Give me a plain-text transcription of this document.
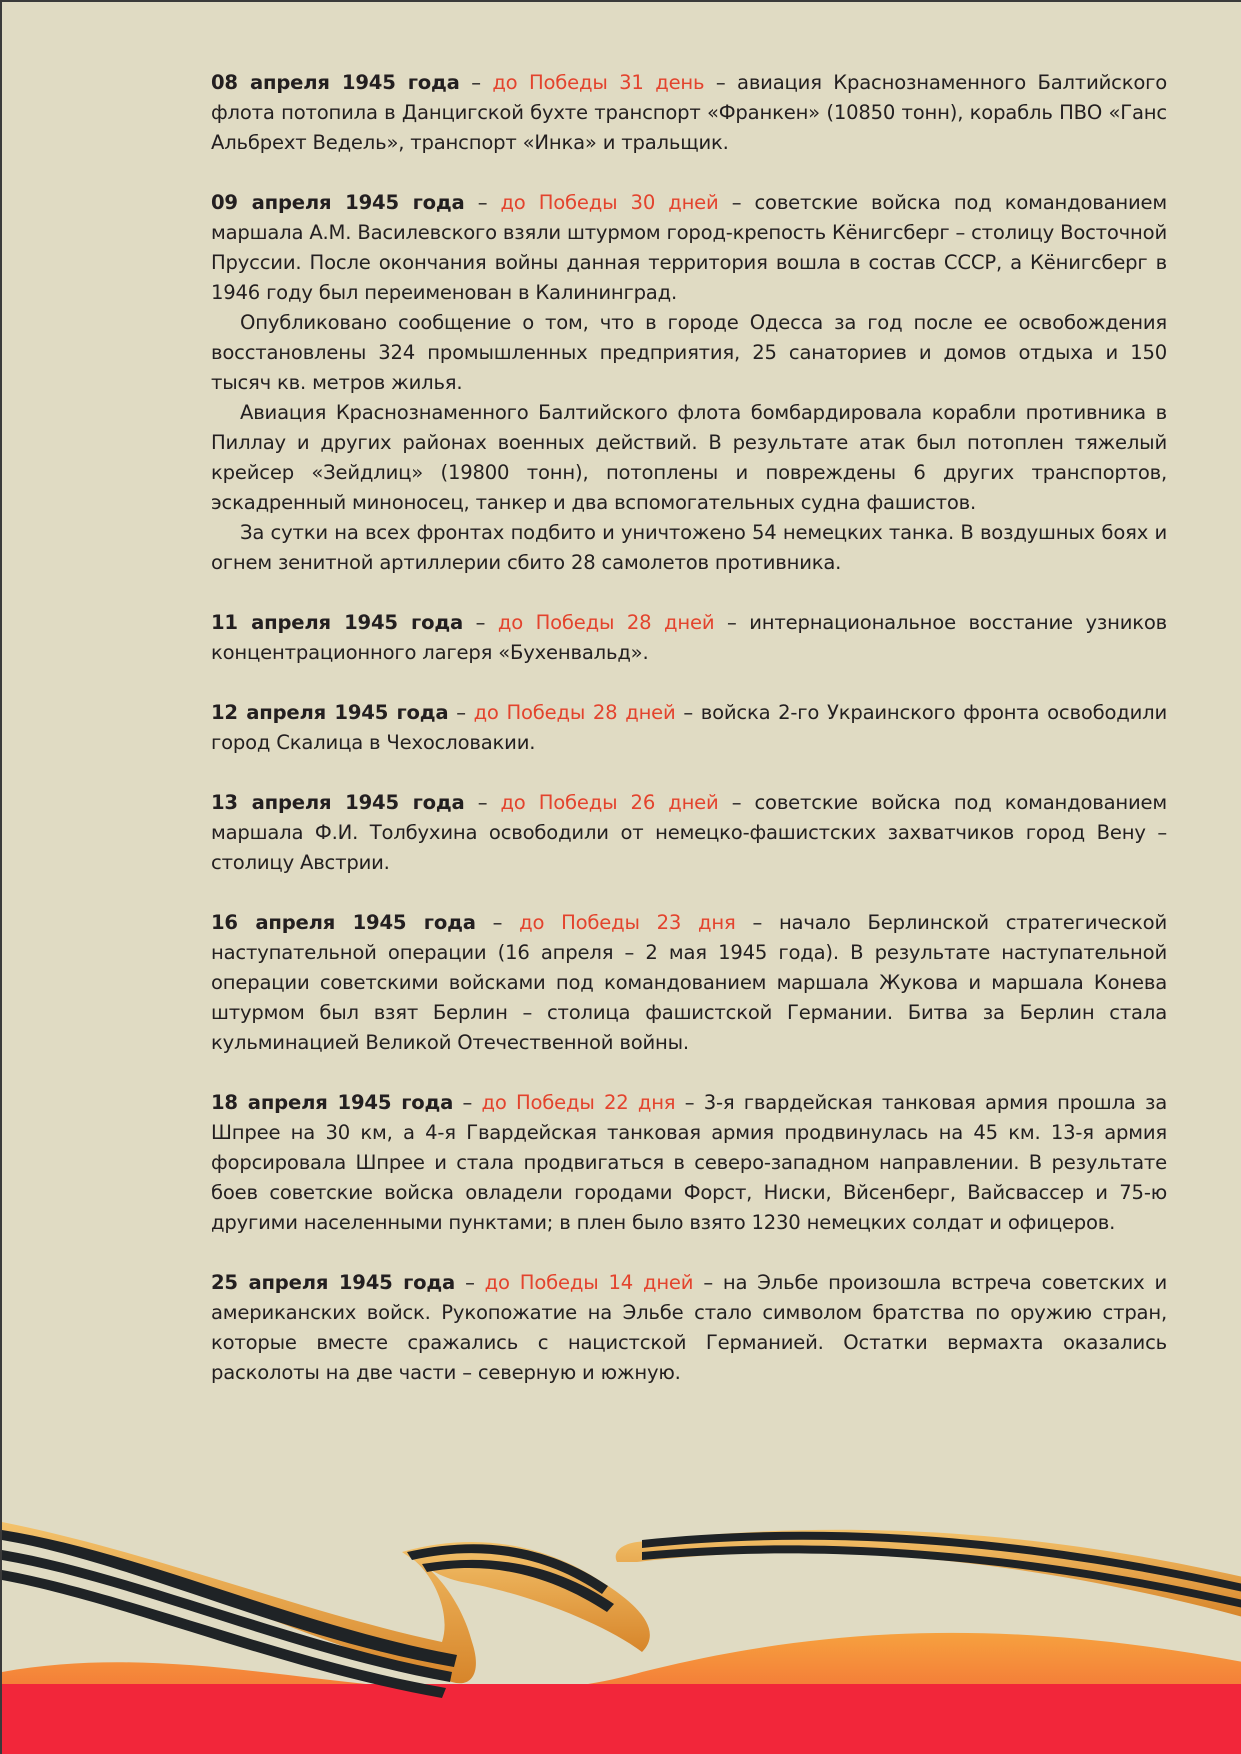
08 апреля 1945 года – до Победы 31 день – авиация Краснознаменного Балтийского флота потопила в Данцигской бухте транспорт «Франкен» (10850 тонн), корабль ПВО «Ганс Альбрехт Ведель», транспорт «Инка» и тральщик.

09 апреля 1945 года – до Победы 30 дней – советские войска под командованием маршала А.М. Василевского взяли штурмом город-крепость Кёнигсберг – столицу Восточной Пруссии. После окончания войны данная территория вошла в состав СССР, а Кёнигсберг в 1946 году был переименован в Калининград.

Опубликовано сообщение о том, что в городе Одесса за год после ее освобождения восстановлены 324 промышленных предприятия, 25 санаториев и домов отдыха и 150 тысяч кв. метров жилья.

Авиация Краснознаменного Балтийского флота бомбардировала корабли противника в Пиллау и других районах военных действий. В результате атак был потоплен тяжелый крейсер «Зейдлиц» (19800 тонн), потоплены и повреждены 6 других транспортов, эскадренный миноносец, танкер и два вспомогательных судна фашистов.

За сутки на всех фронтах подбито и уничтожено 54 немецких танка. В воздушных боях и огнем зенитной артиллерии сбито 28 самолетов противника.

11 апреля 1945 года – до Победы 28 дней – интернациональное восстание узников концентрационного лагеря «Бухенвальд».

12 апреля 1945 года – до Победы 28 дней – войска 2-го Украинского фронта освободили город Скалица в Чехословакии.

13 апреля 1945 года – до Победы 26 дней – советские войска под командованием маршала Ф.И. Толбухина освободили от немецко-фашистских захватчиков город Вену – столицу Австрии.

16 апреля 1945 года – до Победы 23 дня – начало Берлинской стратегической наступательной операции (16 апреля – 2 мая 1945 года). В результате наступательной операции советскими войсками под командованием маршала Жукова и маршала Конева штурмом был взят Берлин – столица фашистской Германии. Битва за Берлин стала кульминацией Великой Отечественной войны.

18 апреля 1945 года – до Победы 22 дня – 3-я гвардейская танковая армия прошла за Шпрее на 30 км, а 4-я Гвардейская танковая армия продвинулась на 45 км. 13-я армия форсировала Шпрее и стала продвигаться в северо-западном направлении. В результате боев советские войска овладели городами Форст, Ниски, Вйсенберг, Вайсвассер и 75-ю другими населенными пунктами; в плен было взято 1230 немецких солдат и офицеров.

25 апреля 1945 года – до Победы 14 дней – на Эльбе произошла встреча советских и американских войск. Рукопожатие на Эльбе стало символом братства по оружию стран, которые вместе сражались с нацистской Германией. Остатки вермахта оказались расколоты на две части – северную и южную.
